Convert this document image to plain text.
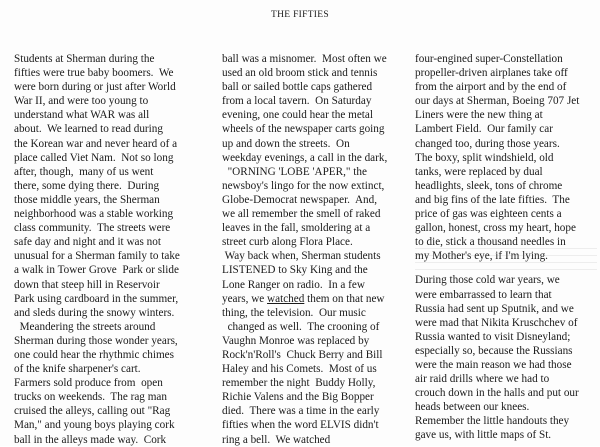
THE FIFTIES
Students at Sherman during the
fifties were true baby boomers.  We
were born during or just after World
War II, and were too young to
understand what WAR was all
about.  We learned to read during
the Korean war and never heard of a
place called Viet Nam.  Not so long
after, though,  many of us went
there, some dying there.  During
those middle years, the Sherman
neighborhood was a stable working
class community.  The streets were
safe day and night and it was not
unusual for a Sherman family to take
a walk in Tower Grove  Park or slide
down that steep hill in Reservoir
Park using cardboard in the summer,
and sleds during the snowy winters.
Meandering the streets around
Sherman during those wonder years,
one could hear the rhythmic chimes
of the knife sharpener's cart.
Farmers sold produce from  open
trucks on weekends.  The rag man
cruised the alleys, calling out "Rag
Man," and young boys playing cork
ball in the alleys made way.  Cork
ball was a misnomer.  Most often we
used an old broom stick and tennis
ball or sailed bottle caps gathered
from a local tavern.  On Saturday
evening, one could hear the metal
wheels of the newspaper carts going
up and down the streets.  On
weekday evenings, a call in the dark,
"ORNING 'LOBE 'APER," the
newsboy's lingo for the now extinct,
Globe-Democrat newspaper.  And,
we all remember the smell of raked
leaves in the fall, smoldering at a
street curb along Flora Place.
Way back when, Sherman students
LISTENED to Sky King and the
Lone Ranger on radio.  In a few
years, we watched them on that new
thing, the television.  Our music
changed as well.  The crooning of
Vaughn Monroe was replaced by
Rock'n'Roll's  Chuck Berry and Bill
Haley and his Comets.  Most of us
remember the night  Buddy Holly,
Richie Valens and the Big Bopper
died.  There was a time in the early
fifties when the word ELVIS didn't
ring a bell.  We watched
four-engined super-Constellation
propeller-driven airplanes take off
from the airport and by the end of
our days at Sherman, Boeing 707 Jet
Liners were the new thing at
Lambert Field.  Our family car
changed too, during those years.
The boxy, split windshield, old
tanks, were replaced by dual
headlights, sleek, tons of chrome
and big fins of the late fifties.  The
price of gas was eighteen cents a
gallon, honest, cross my heart, hope
to die, stick a thousand needles in
my Mother's eye, if I'm lying.
During those cold war years, we
were embarrassed to learn that
Russia had sent up Sputnik, and we
were mad that Nikita Kruschchev of
Russia wanted to visit Disneyland;
especially so, because the Russians
were the main reason we had those
air raid drills where we had to
crouch down in the halls and put our
heads between our knees.
Remember the little handouts they
gave us, with little maps of St.
